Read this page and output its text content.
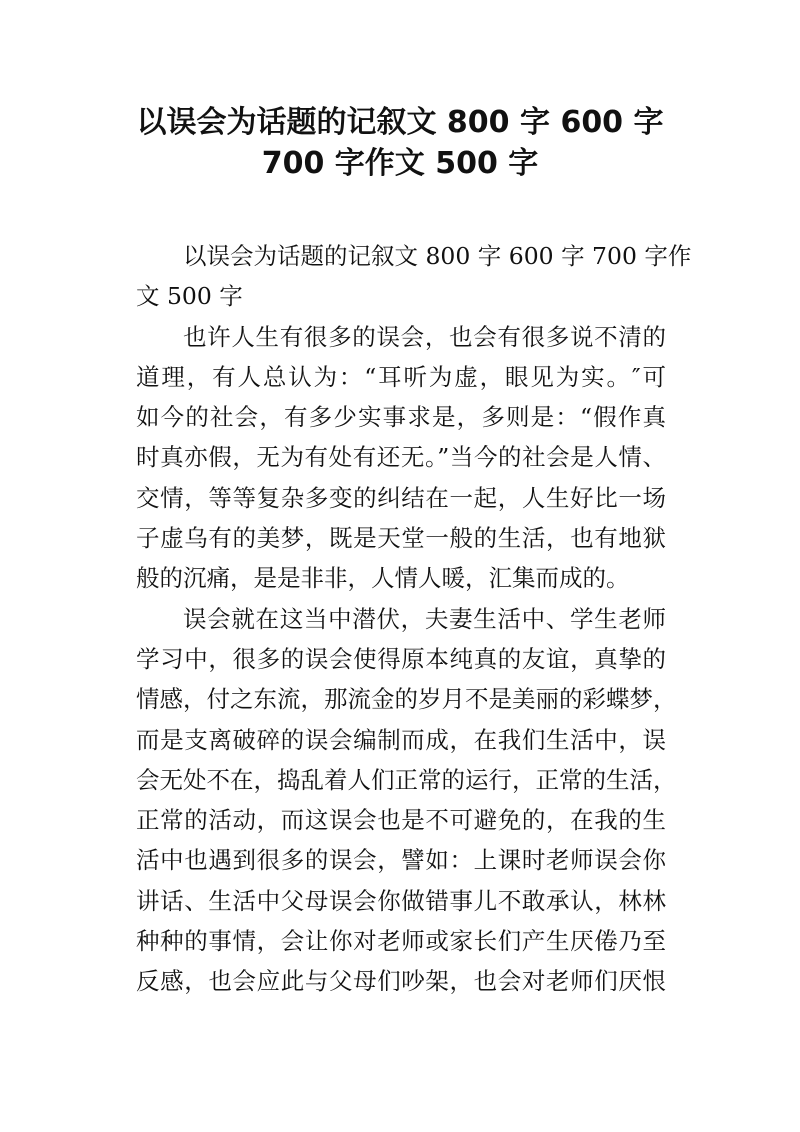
以误会为话题的记叙文 800 字 600 字
700 字作文 500 字
以误会为话题的记叙文 800 字 600 字 700 字作
文 500 字
也许人生有很多的误会，也会有很多说不清的
道理，有人总认为：“耳听为虚，眼见为实。″可
如今的社会，有多少实事求是，多则是：“假作真
时真亦假，无为有处有还无。”当今的社会是人情、
交情，等等复杂多变的纠结在一起，人生好比一场
子虚乌有的美梦，既是天堂一般的生活，也有地狱
般的沉痛，是是非非，人情人暖，汇集而成的。
误会就在这当中潜伏，夫妻生活中、学生老师
学习中，很多的误会使得原本纯真的友谊，真挚的
情感，付之东流，那流金的岁月不是美丽的彩蝶梦，
而是支离破碎的误会编制而成，在我们生活中，误
会无处不在，捣乱着人们正常的运行，正常的生活，
正常的活动，而这误会也是不可避免的，在我的生
活中也遇到很多的误会，譬如：上课时老师误会你
讲话、生活中父母误会你做错事儿不敢承认，林林
种种的事情，会让你对老师或家长们产生厌倦乃至
反感，也会应此与父母们吵架，也会对老师们厌恨
